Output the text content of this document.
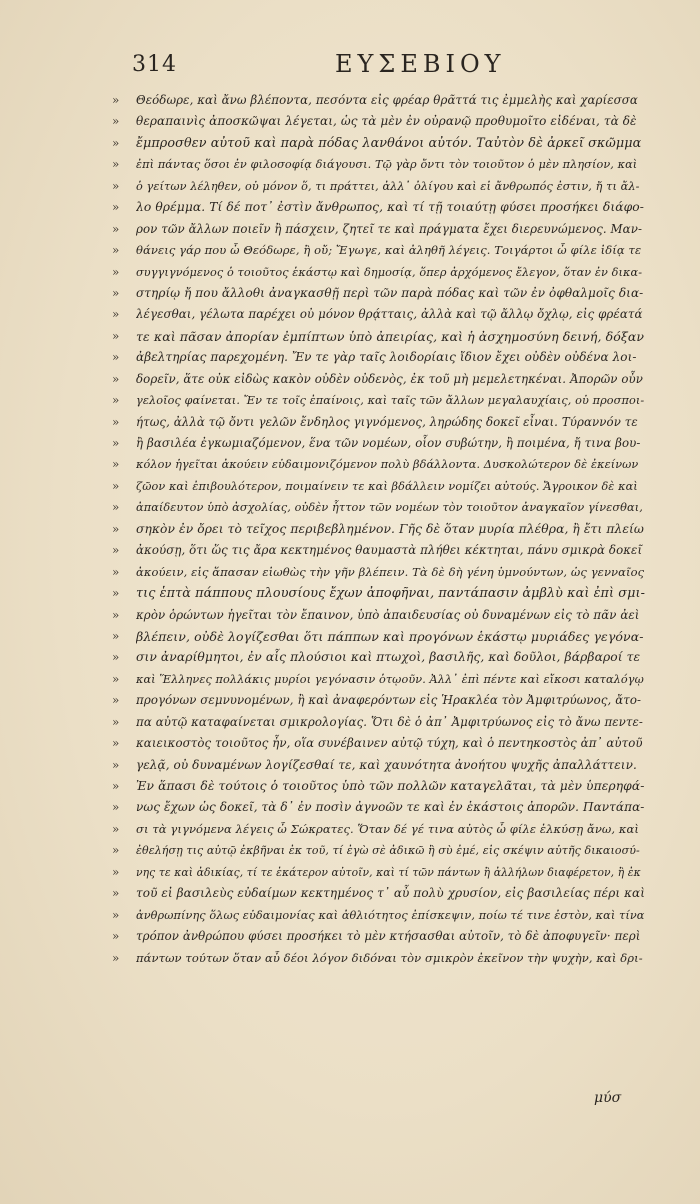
314	ΕΥΣΕΒΙΟΥ
»	Θεόδωρε, καὶ ἄνω βλέποντα, πεσόντα εἰς φρέαρ θρᾶττά τις ἐμμελὴς καὶ χαρίεσσα
»	θεραπαινὶς ἀποσκῶψαι λέγεται, ὡς τὰ μὲν ἐν οὐρανῷ προθυμοῖτο εἰδέναι, τὰ δὲ
»	ἔμπροσθεν αὐτοῦ καὶ παρὰ πόδας λανθάνοι αὐτόν. Ταὐτὸν δὲ ἀρκεῖ σκῶμμα
»	ἐπὶ πάντας ὅσοι ἐν φιλοσοφίᾳ διάγουσι. Τῷ γὰρ ὄντι τὸν τοιοῦτον ὁ μὲν πλησίον, καὶ
»	ὁ γείτων λέληθεν, οὐ μόνον ὅ, τι πράττει, ἀλλ᾽ ὀλίγου καὶ εἰ ἄνθρωπός ἐστιν, ἤ τι ἄλ-
»	λο θρέμμα. Τί δέ ποτ᾽ ἐστὶν ἄνθρωπος, καὶ τί τῇ τοιαύτῃ φύσει προσήκει διάφο-
»	ρον τῶν ἄλλων ποιεῖν ἢ πάσχειν, ζητεῖ τε καὶ πράγματα ἔχει διερευνώμενος. Μαν-
»	θάνεις γάρ που ὦ Θεόδωρε, ἢ οὔ; Ἔγωγε, καὶ ἀληθῆ λέγεις. Τοιγάρτοι ὦ φίλε ἰδίᾳ τε
»	συγγιγνόμενος ὁ τοιοῦτος ἑκάστῳ καὶ δημοσίᾳ, ὅπερ ἀρχόμενος ἔλεγον, ὅταν ἐν δικα-
»	στηρίῳ ἤ που ἄλλοθι ἀναγκασθῇ περὶ τῶν παρὰ πόδας καὶ τῶν ἐν ὀφθαλμοῖς δια-
»	λέγεσθαι, γέλωτα παρέχει οὐ μόνον θρᾴτταις, ἀλλὰ καὶ τῷ ἄλλῳ ὄχλῳ, εἰς φρέατά
»	τε καὶ πᾶσαν ἀπορίαν ἐμπίπτων ὑπὸ ἀπειρίας, καὶ ἡ ἀσχημοσύνη δεινή, δόξαν
»	ἀβελτηρίας παρεχομένη. Ἔν τε γὰρ ταῖς λοιδορίαις ἴδιον ἔχει οὐδὲν οὐδένα λοι-
»	δορεῖν, ἅτε οὐκ εἰδὼς κακὸν οὐδὲν οὐδενὸς, ἐκ τοῦ μὴ μεμελετηκέναι. Ἀπορῶν οὖν
»	γελοῖος φαίνεται. Ἔν τε τοῖς ἐπαίνοις, καὶ ταῖς τῶν ἄλλων μεγαλαυχίαις, οὐ προσποι-
»	ήτως, ἀλλὰ τῷ ὄντι γελῶν ἔνδηλος γιγνόμενος, ληρώδης δοκεῖ εἶναι. Τύραννόν τε
»	ἢ βασιλέα ἐγκωμιαζόμενον, ἕνα τῶν νομέων, οἷον συβώτην, ἢ ποιμένα, ἤ τινα βου-
»	κόλον ἡγεῖται ἀκούειν εὐδαιμονιζόμενον πολὺ βδάλλοντα. Δυσκολώτερον δὲ ἐκείνων
»	ζῶον καὶ ἐπιβουλότερον, ποιμαίνειν τε καὶ βδάλλειν νομίζει αὐτούς. Ἄγροικον δὲ καὶ
»	ἀπαίδευτον ὑπὸ ἀσχολίας, οὐδὲν ἧττον τῶν νομέων τὸν τοιοῦτον ἀναγκαῖον γίνεσθαι,
»	σηκὸν ἐν ὄρει τὸ τεῖχος περιβεβλημένον. Γῆς δὲ ὅταν μυρία πλέθρα, ἢ ἔτι πλείω
»	ἀκούσῃ, ὅτι ὥς τις ἄρα κεκτημένος θαυμαστὰ πλήθει κέκτηται, πάνυ σμικρὰ δοκεῖ
»	ἀκούειν, εἰς ἅπασαν εἰωθὼς τὴν γῆν βλέπειν. Τὰ δὲ δὴ γένη ὑμνούντων, ὡς γενναῖος
»	τις ἑπτὰ πάππους πλουσίους ἔχων ἀποφῆναι, παντάπασιν ἀμβλὺ καὶ ἐπὶ σμι-
»	κρὸν ὁρώντων ἡγεῖται τὸν ἔπαινον, ὑπὸ ἀπαιδευσίας οὐ δυναμένων εἰς τὸ πᾶν ἀεὶ
»	βλέπειν, οὐδὲ λογίζεσθαι ὅτι πάππων καὶ προγόνων ἑκάστῳ μυριάδες γεγόνα-
»	σιν ἀναρίθμητοι, ἐν αἷς πλούσιοι καὶ πτωχοὶ, βασιλῆς, καὶ δοῦλοι, βάρβαροί τε
»	καὶ Ἕλληνες πολλάκις μυρίοι γεγόνασιν ὁτῳοῦν. Ἀλλ᾽ ἐπὶ πέντε καὶ εἴκοσι καταλόγῳ
»	προγόνων σεμνυνομένων, ἢ καὶ ἀναφερόντων εἰς Ἡρακλέα τὸν Ἀμφιτρύωνος, ἄτο-
»	πα αὐτῷ καταφαίνεται σμικρολογίας. Ὅτι δὲ ὁ ἀπ᾽ Ἀμφιτρύωνος εἰς τὸ ἄνω πεντε-
»	καιεικοστὸς τοιοῦτος ἦν, οἵα συνέβαινεν αὐτῷ τύχη, καὶ ὁ πεντηκοστὸς ἀπ᾽ αὐτοῦ
»	γελᾷ, οὐ δυναμένων λογίζεσθαί τε, καὶ χαυνότητα ἀνοήτου ψυχῆς ἀπαλλάττειν.
»	Ἐν ἅπασι δὲ τούτοις ὁ τοιοῦτος ὑπὸ τῶν πολλῶν καταγελᾶται, τὰ μὲν ὑπερηφά-
»	νως ἔχων ὡς δοκεῖ, τὰ δ᾽ ἐν ποσὶν ἀγνοῶν τε καὶ ἐν ἑκάστοις ἀπορῶν. Παντάπα-
»	σι τὰ γιγνόμενα λέγεις ὦ Σώκρατες. Ὅταν δέ γέ τινα αὐτὸς ὦ φίλε ἑλκύσῃ ἄνω, καὶ
»	ἐθελήσῃ τις αὐτῷ ἐκβῆναι ἐκ τοῦ, τί ἐγὼ σὲ ἀδικῶ ἢ σὺ ἐμέ, εἰς σκέψιν αὐτῆς δικαιοσύ-
»	νης τε καὶ ἀδικίας, τί τε ἑκάτερον αὐτοῖν, καὶ τί τῶν πάντων ἢ ἀλλήλων διαφέρετον, ἢ ἐκ
»	τοῦ εἰ βασιλεὺς εὐδαίμων κεκτημένος τ᾽ αὖ πολὺ χρυσίον, εἰς βασιλείας πέρι καὶ
»	ἀνθρωπίνης ὅλως εὐδαιμονίας καὶ ἀθλιότητος ἐπίσκεψιν, ποίω τέ τινε ἐστὸν, καὶ τίνα
»	τρόπον ἀνθρώπου φύσει προσήκει τὸ μὲν κτήσασθαι αὐτοῖν, τὸ δὲ ἀποφυγεῖν· περὶ
»	πάντων τούτων ὅταν αὖ δέοι λόγον διδόναι τὸν σμικρὸν ἐκεῖνον τὴν ψυχὴν, καὶ δρι-
μύσ
